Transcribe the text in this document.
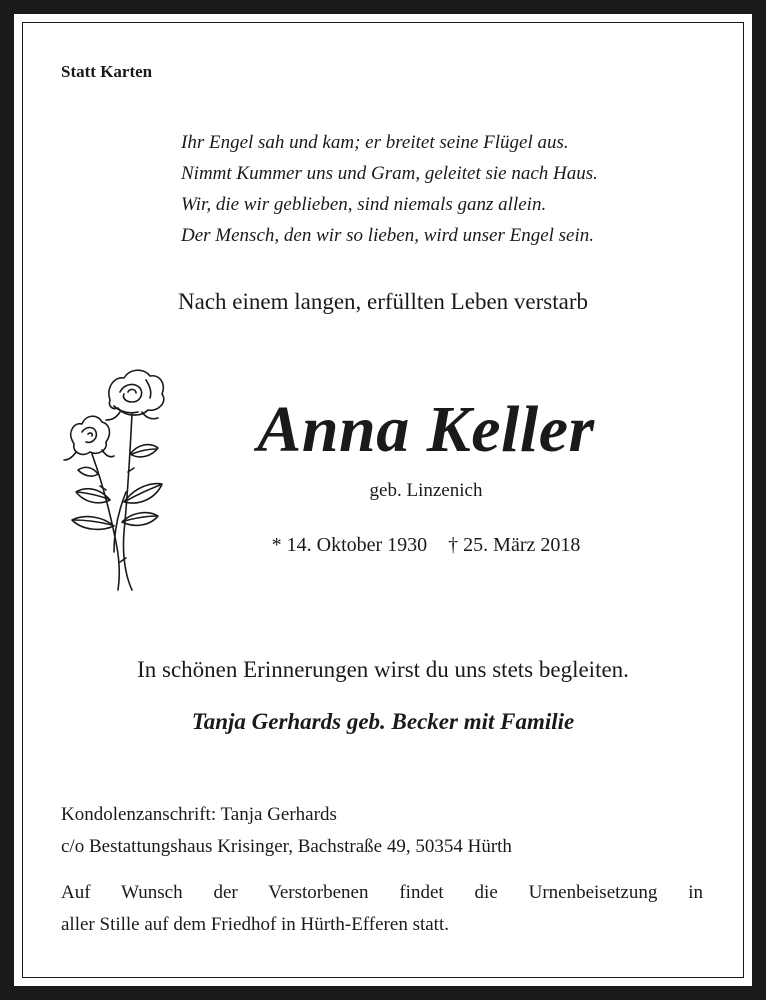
Statt Karten
Ihr Engel sah und kam; er breitet seine Flügel aus.
Nimmt Kummer uns und Gram, geleitet sie nach Haus.
Wir, die wir geblieben, sind niemals ganz allein.
Der Mensch, den wir so lieben, wird unser Engel sein.
Nach einem langen, erfüllten Leben verstarb
Anna Keller
geb. Linzenich
* 14. Oktober 1930 † 25. März 2018
In schönen Erinnerungen wirst du uns stets begleiten.
Tanja Gerhards geb. Becker mit Familie
Kondolenzanschrift: Tanja Gerhards
c/o Bestattungshaus Krisinger, Bachstraße 49, 50354 Hürth
Auf Wunsch der Verstorbenen findet die Urnenbeisetzung in
aller Stille auf dem Friedhof in Hürth-Efferen statt.
